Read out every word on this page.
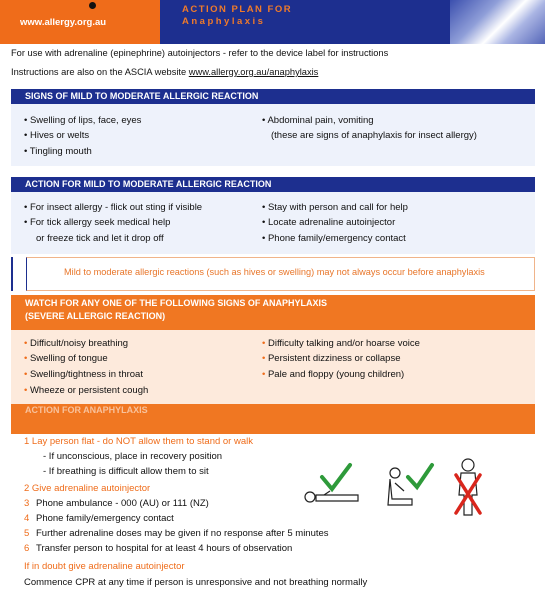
www.allergy.org.au
ACTION PLAN FOR
Anaphylaxis
For use with adrenaline (epinephrine) autoinjectors - refer to the device label for instructions
Instructions are also on the ASCIA website www.allergy.org.au/anaphylaxis
SIGNS OF MILD TO MODERATE ALLERGIC REACTION
• Swelling of lips, face, eyes
• Hives or welts
• Tingling mouth
• Abdominal pain, vomiting
(these are signs of anaphylaxis for insect allergy)
ACTION FOR MILD TO MODERATE ALLERGIC REACTION
• For insect allergy - flick out sting if visible
• For tick allergy seek medical help
or freeze tick and let it drop off
• Stay with person and call for help
• Locate adrenaline autoinjector
• Phone family/emergency contact
Mild to moderate allergic reactions (such as hives or swelling) may not always occur before anaphylaxis
WATCH FOR ANY ONE OF THE FOLLOWING SIGNS OF ANAPHYLAXIS
(SEVERE ALLERGIC REACTION)
• Difficult/noisy breathing
• Swelling of tongue
• Swelling/tightness in throat
• Wheeze or persistent cough
• Difficulty talking and/or hoarse voice
• Persistent dizziness or collapse
• Pale and floppy (young children)
ACTION FOR ANAPHYLAXIS
1 Lay person flat - do NOT allow them to stand or walk
- If unconscious, place in recovery position
- If breathing is difficult allow them to sit
2 Give adrenaline autoinjector
3 Phone ambulance - 000 (AU) or 111 (NZ)
4 Phone family/emergency contact
5 Further adrenaline doses may be given if no response after 5 minutes
6 Transfer person to hospital for at least 4 hours of observation
If in doubt give adrenaline autoinjector
Commence CPR at any time if person is unresponsive and not breathing normally
